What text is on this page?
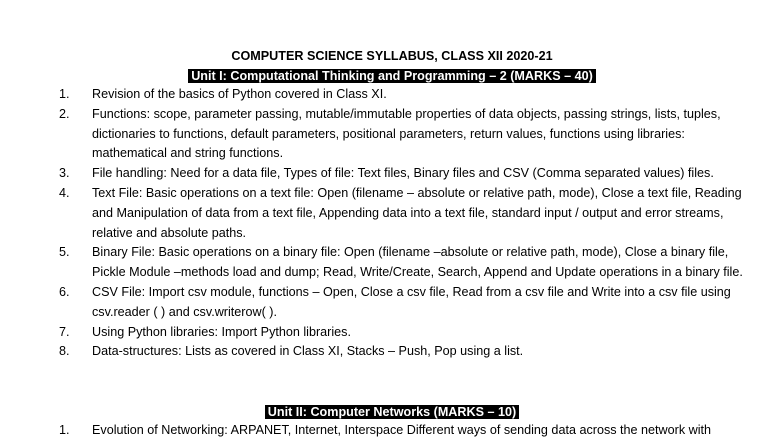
COMPUTER SCIENCE SYLLABUS, CLASS XII 2020-21
Unit I: Computational Thinking and Programming – 2 (MARKS – 40)
1. Revision of the basics of Python covered in Class XI.
2. Functions: scope, parameter passing, mutable/immutable properties of data objects, passing strings, lists, tuples, dictionaries to functions, default parameters, positional parameters, return values, functions using libraries: mathematical and string functions.
3. File handling: Need for a data file, Types of file: Text files, Binary files and CSV (Comma separated values) files.
4. Text File: Basic operations on a text file: Open (filename – absolute or relative path, mode), Close a text file, Reading and Manipulation of data from a text file, Appending data into a text file, standard input / output and error streams, relative and absolute paths.
5. Binary File: Basic operations on a binary file: Open (filename –absolute or relative path, mode), Close a binary file, Pickle Module –methods load and dump; Read, Write/Create, Search, Append and Update operations in a binary file.
6. CSV File: Import csv module, functions – Open, Close a csv file, Read from a csv file and Write into a csv file using csv.reader ( ) and csv.writerow( ).
7. Using Python libraries: Import Python libraries.
8. Data-structures: Lists as covered in Class XI, Stacks – Push, Pop using a list.
Unit II: Computer Networks (MARKS – 10)
1. Evolution of Networking: ARPANET, Internet, Interspace Different ways of sending data across the network with
